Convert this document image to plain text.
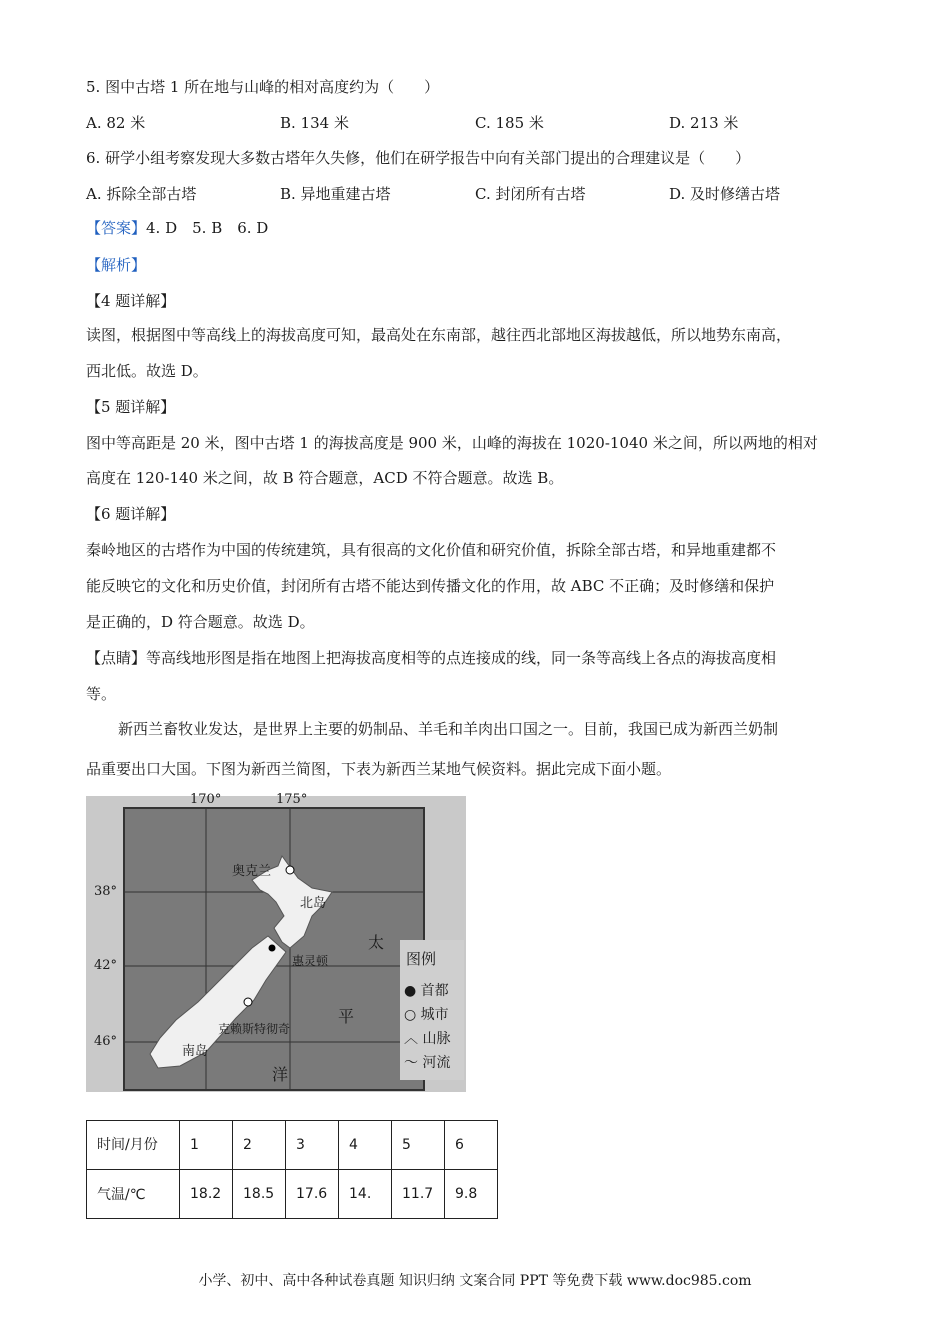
5. 图中古塔 1 所在地与山峰的相对高度约为（　　）
A. 82 米	B. 134 米	C. 185 米	D. 213 米
6. 研学小组考察发现大多数古塔年久失修，他们在研学报告中向有关部门提出的合理建议是（　　）
A. 拆除全部古塔	B. 异地重建古塔	C. 封闭所有古塔	D. 及时修缮古塔
【答案】4. D　5. B　6. D
【解析】
【4 题详解】
读图，根据图中等高线上的海拔高度可知，最高处在东南部，越往西北部地区海拔越低，所以地势东南高，
西北低。故选 D。
【5 题详解】
图中等高距是 20 米，图中古塔 1 的海拔高度是 900 米，山峰的海拔在 1020-1040 米之间，所以两地的相对
高度在 120-140 米之间，故 B 符合题意，ACD 不符合题意。故选 B。
【6 题详解】
秦岭地区的古塔作为中国的传统建筑，具有很高的文化价值和研究价值，拆除全部古塔，和异地重建都不
能反映它的文化和历史价值，封闭所有古塔不能达到传播文化的作用，故 ABC 不正确；及时修缮和保护
是正确的，D 符合题意。故选 D。
【点睛】等高线地形图是指在地图上把海拔高度相等的点连接成的线，同一条等高线上各点的海拔高度相
等。
新西兰畜牧业发达，是世界上主要的奶制品、羊毛和羊肉出口国之一。目前，我国已成为新西兰奶制
品重要出口大国。下图为新西兰简图，下表为新西兰某地气候资料。据此完成下面小题。
170°	175°
38°
42°
46°
奥克兰
北岛
惠灵顿
克赖斯特彻奇
南岛
太
平
洋
图例
● 首都
○ 城市
︿ 山脉
〜 河流
时间/月份	1	2	3	4	5	6
气温/℃	18.2	18.5	17.6	14.	11.7	9.8
小学、初中、高中各种试卷真题 知识归纳 文案合同 PPT 等免费下载 www.doc985.com
